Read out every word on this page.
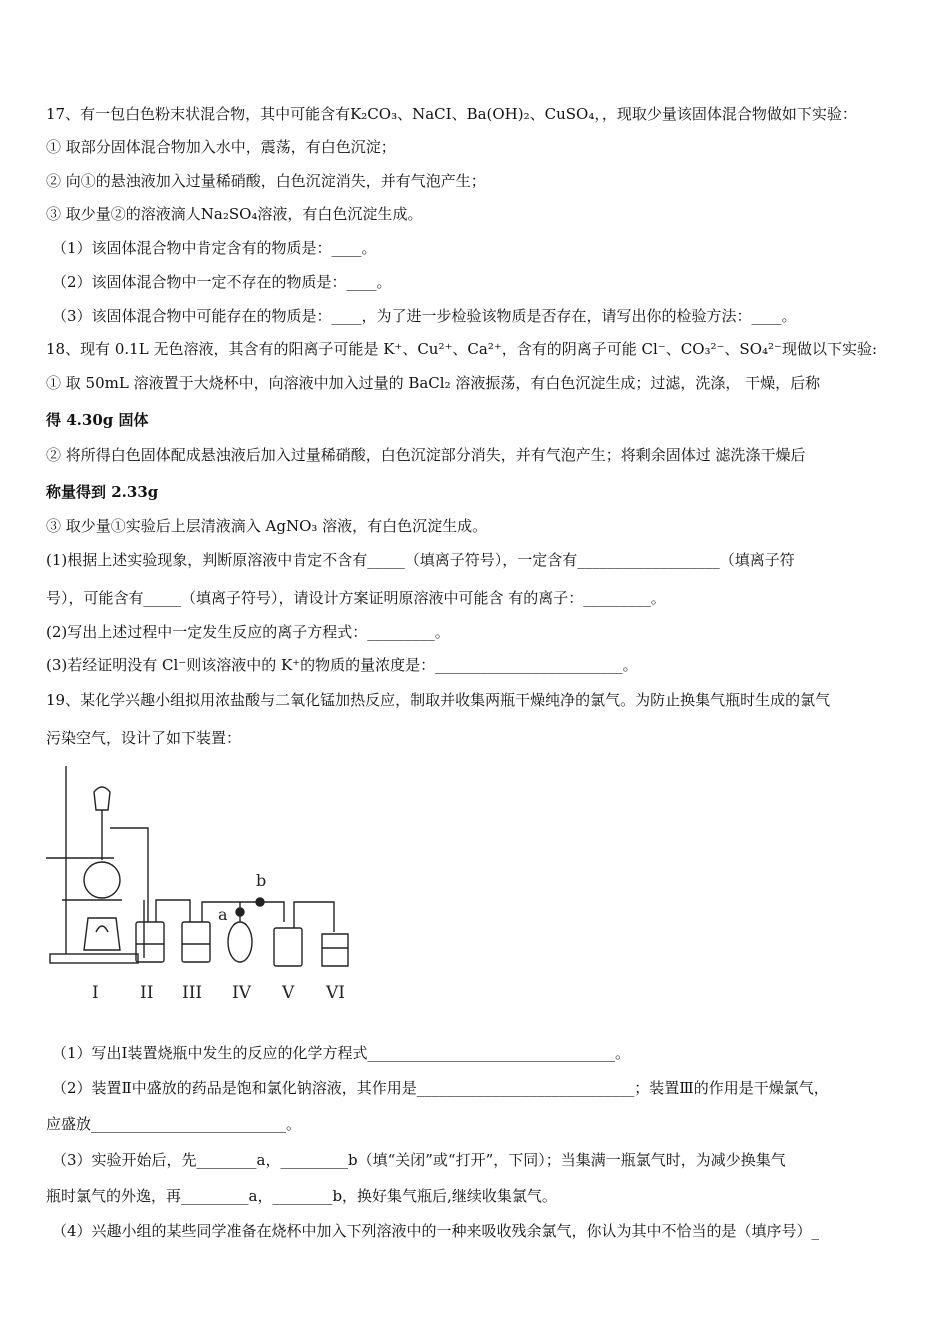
17、有一包白色粉末状混合物，其中可能含有K₂CO₃、NaCI、Ba(OH)₂、CuSO₄，，现取少量该固体混合物做如下实验：
① 取部分固体混合物加入水中，震荡，有白色沉淀；
② 向①的悬浊液加入过量稀硝酸，白色沉淀消失，并有气泡产生；
③ 取少量②的溶液滴人Na₂SO₄溶液，有白色沉淀生成。
（1）该固体混合物中肯定含有的物质是：____。
（2）该固体混合物中一定不存在的物质是：____。
（3）该固体混合物中可能存在的物质是：____，为了进一步检验该物质是否存在，请写出你的检验方法：____。
18、现有 0.1L 无色溶液，其含有的阳离子可能是 K⁺、Cu²⁺、Ca²⁺，含有的阴离子可能 Cl⁻、CO₃²⁻、SO₄²⁻现做以下实验:
① 取 50mL 溶液置于大烧杯中，向溶液中加入过量的 BaCl₂ 溶液振荡，有白色沉淀生成；过滤，洗涤， 干燥，后称
得 4.30g 固体
② 将所得白色固体配成悬浊液后加入过量稀硝酸，白色沉淀部分消失，并有气泡产生；将剩余固体过 滤洗涤干燥后
称量得到 2.33g
③ 取少量①实验后上层清液滴入 AgNO₃ 溶液，有白色沉淀生成。
(1)根据上述实验现象，判断原溶液中肯定不含有_____（填离子符号），一定含有___________________（填离子符
号），可能含有_____（填离子符号），请设计方案证明原溶液中可能含 有的离子：_________。
(2)写出上述过程中一定发生反应的离子方程式：_________。
(3)若经证明没有 Cl⁻则该溶液中的 K⁺的物质的量浓度是：_________________________。
19、某化学兴趣小组拟用浓盐酸与二氧化锰加热反应，制取并收集两瓶干燥纯净的氯气。为防止换集气瓶时生成的氯气
污染空气，设计了如下装置：
b
a
I II III IV V VI
（1）写出Ⅰ装置烧瓶中发生的反应的化学方程式_________________________________。
（2）装置Ⅱ中盛放的药品是饱和氯化钠溶液，其作用是_____________________________；装置Ⅲ的作用是干燥氯气，
应盛放__________________________。
（3）实验开始后，先________a，_________b（填“关闭”或“打开”，下同）；当集满一瓶氯气时，为减少换集气
瓶时氯气的外逸，再_________a，________b，换好集气瓶后,继续收集氯气。
（4）兴趣小组的某些同学准备在烧杯中加入下列溶液中的一种来吸收残余氯气，你认为其中不恰当的是（填序号）_
